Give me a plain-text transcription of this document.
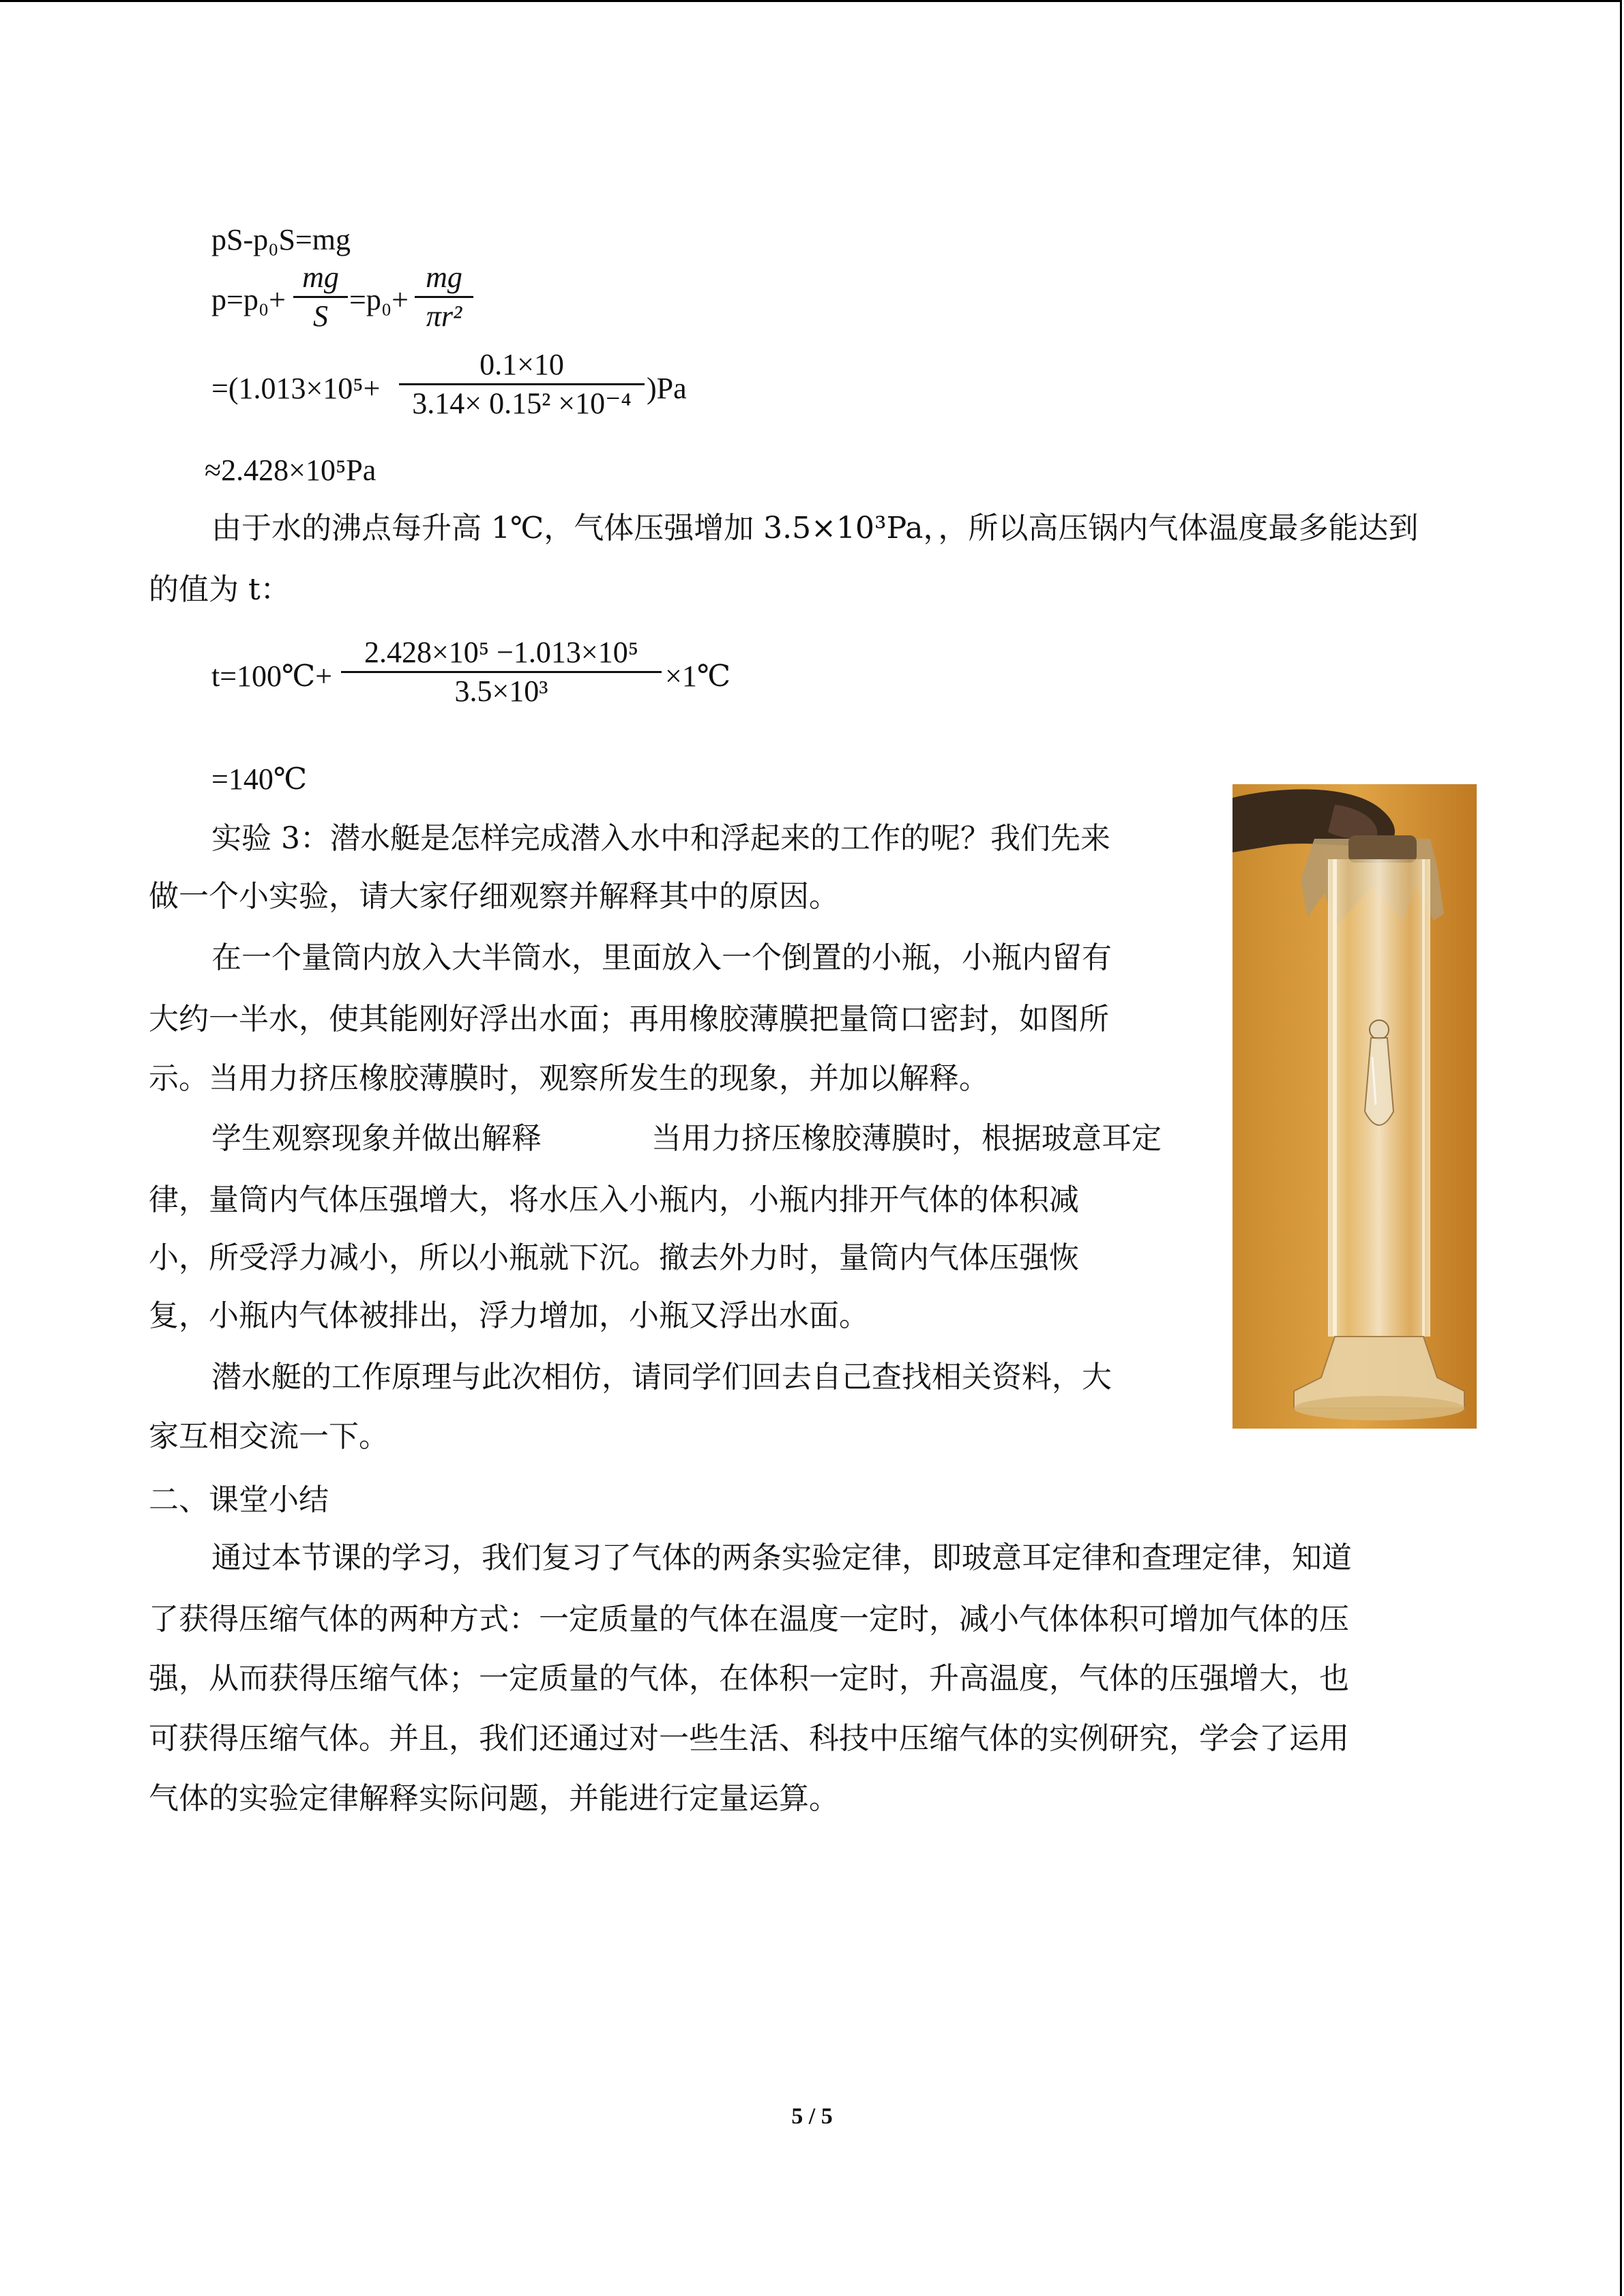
pS-p₀S=mg
$p=p_0+ \frac{mg}{S} =p_0+ \frac{mg}{\text{πr²}}$
$=(1.013\times 10^5+ \frac{0.1\times 10}{\text{3.14× 0.15² ×10⁻⁴}} )Pa$
≈2.428×10⁵Pa
由于水的沸点每升高 1℃，气体压强增加 3.5×10³Pa，，所以高压锅内气体温度最多能达到
的值为 t：
t=100℃+ $\frac{\text{2.428×10⁵ −1.013×10⁵}}{\text{3.5×10³}}$ ×1℃
=140℃
实验 3：潜水艇是怎样完成潜入水中和浮起来的工作的呢？我们先来
做一个小实验，请大家仔细观察并解释其中的原因。
在一个量筒内放入大半筒水，里面放入一个倒置的小瓶，小瓶内留有
大约一半水，使其能刚好浮出水面；再用橡胶薄膜把量筒口密封，如图所
示。当用力挤压橡胶薄膜时，观察所发生的现象，并加以解释。
学生观察现象并做出解释	当用力挤压橡胶薄膜时，根据玻意耳定
律，量筒内气体压强增大，将水压入小瓶内，小瓶内排开气体的体积减
小，所受浮力减小，所以小瓶就下沉。撤去外力时，量筒内气体压强恢
复，小瓶内气体被排出，浮力增加，小瓶又浮出水面。
潜水艇的工作原理与此次相仿，请同学们回去自己查找相关资料，大
家互相交流一下。
二、课堂小结
通过本节课的学习，我们复习了气体的两条实验定律，即玻意耳定律和查理定律，知道
了获得压缩气体的两种方式：一定质量的气体在温度一定时，减小气体体积可增加气体的压
强，从而获得压缩气体；一定质量的气体，在体积一定时，升高温度，气体的压强增大，也
可获得压缩气体。并且，我们还通过对一些生活、科技中压缩气体的实例研究，学会了运用
气体的实验定律解释实际问题，并能进行定量运算。
5 / 5
